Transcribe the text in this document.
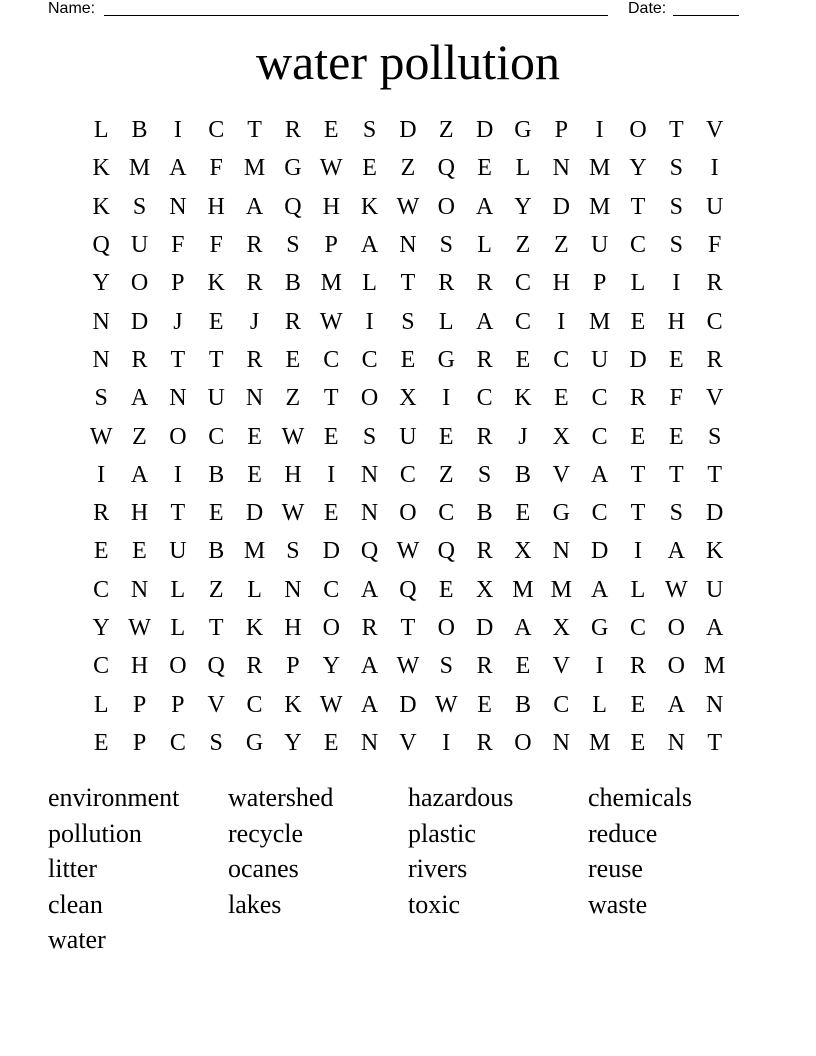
Name:	Date:
water pollution
L B	I	C T R E	S D Z D G P	I	O T V
K M A F M G W E Z Q E L N M Y S	I
K S N H A Q H K W O A Y D M T	S U
Q U F	F R S	P A N S	L Z Z U C S	F
Y O P K R B M L T R R C H P	L	I	R
N D	J	E	J	R W I	S	L A C	I M E H C
N R T T R E C C E G R E C U D E R
S A N U N Z T O X	I	C K E C R F V
W Z O C E W E	S U E R	J	X C E E	S
I	A	I	B E H	I	N C Z	S B V A T T T
R H T E D W E N O C B E G C T	S D
E E U B M S D Q W Q R X N D	I	A K
C N L Z L N C A Q E X M M A L W U
Y W L T K H O R T O D A X G C O A
C H O Q R P Y A W S R E V	I	R O M
L	P	P V C K W A D W E B C L E A N
E	P C S G Y E N V	I	R O N M E N T
environment	watershed	hazardous	chemicals
pollution	recycle	plastic	reduce
litter	ocanes	rivers	reuse
clean	lakes	toxic	waste
water
